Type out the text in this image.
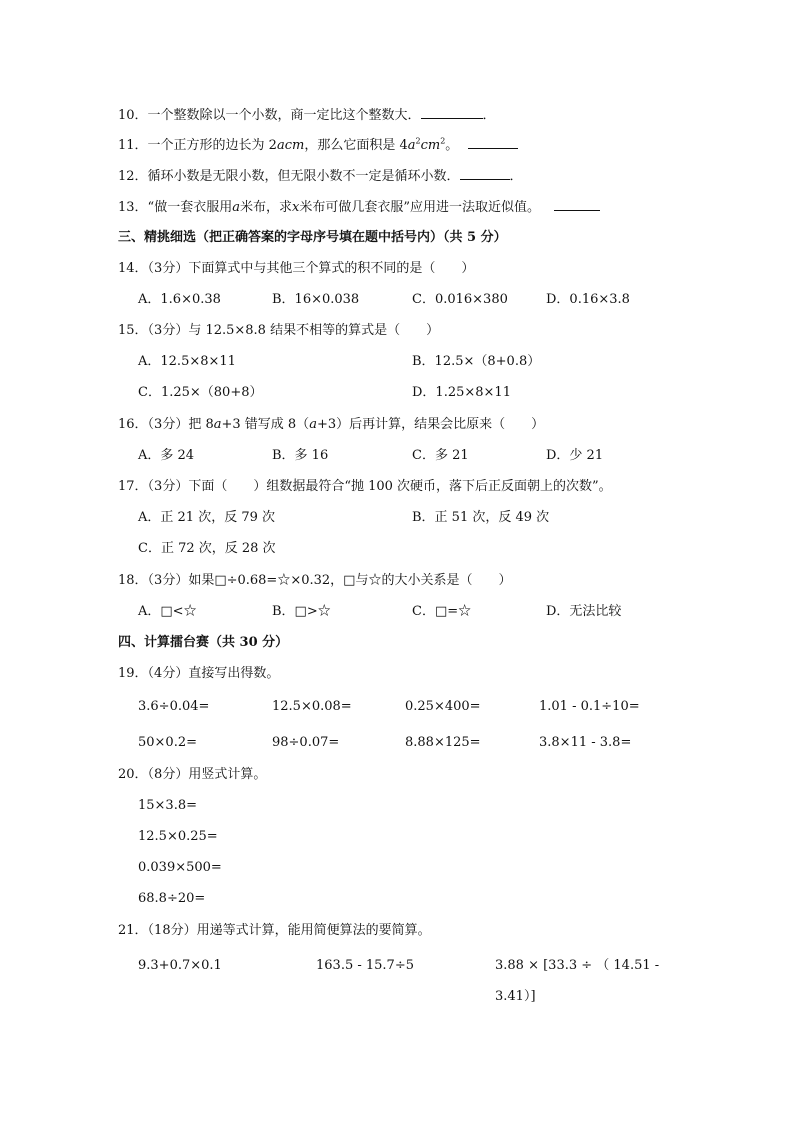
10．一个整数除以一个小数，商一定比这个整数大．	．
11．一个正方形的边长为 2acm，那么它面积是 $4a^2cm^2$。
12．循环小数是无限小数，但无限小数不一定是循环小数．	．
13．“做一套衣服用a米布，求x米布可做几套衣服”应用进一法取近似值。
三、精挑细选（把正确答案的字母序号填在题中括号内）（共 5 分）
14．（3分）下面算式中与其他三个算式的积不同的是（　　）
A．1.6×0.38	B．16×0.038	C．0.016×380	D．0.16×3.8
15．（3分）与 12.5×8.8 结果不相等的算式是（　　）
A．12.5×8×11	B．12.5×（8+0.8）
C．1.25×（80+8）	D．1.25×8×11
16．（3分）把 8a+3 错写成 8（a+3）后再计算，结果会比原来（　　）
A．多 24	B．多 16	C．多 21	D．少 21
17．（3分）下面（　　）组数据最符合“抛 100 次硬币，落下后正反面朝上的次数”。
A．正 21 次，反 79 次	B．正 51 次，反 49 次
C．正 72 次，反 28 次
18．（3分）如果□÷0.68=☆×0.32，□与☆的大小关系是（　　）
A．□<☆	B．□>☆	C．□=☆	D．无法比较
四、计算擂台赛（共 30 分）
19．（4分）直接写出得数。
3.6÷0.04=	12.5×0.08=	0.25×400=	1.01 - 0.1÷10=
50×0.2=	98÷0.07=	8.88×125=	3.8×11 - 3.8=
20．（8分）用竖式计算。
15×3.8=
12.5×0.25=
0.039×500=
68.8÷20=
21．（18分）用递等式计算，能用简便算法的要简算。
9.3+0.7×0.1	163.5 - 15.7÷5	3.88 × [33.3 ÷ （ 14.51 -
3.41）]
